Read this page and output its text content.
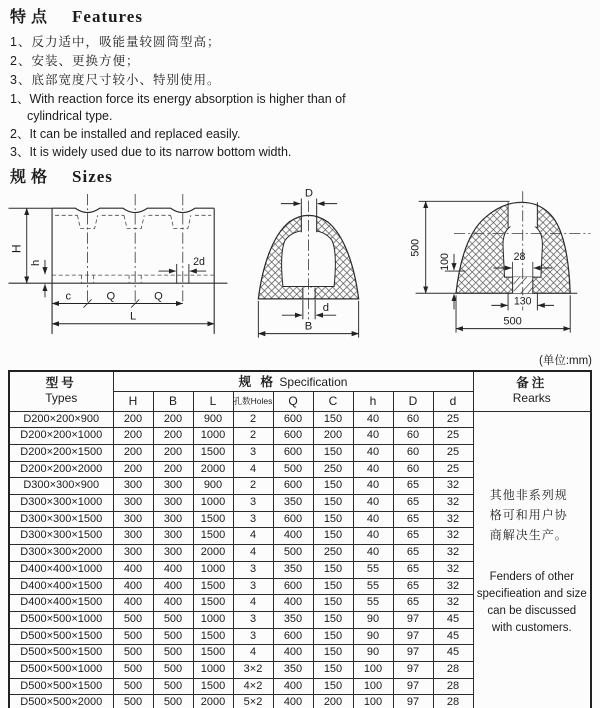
特点 Features
1、反力适中，吸能量较圆筒型高；
2、安装、更换方便；
3、底部宽度尺寸较小、特别使用。
1、With reaction force its energy absorption is higher than of cylindrical type.
2、It can be installed and replaced easily.
3、It is widely used due to its narrow bottom width.
规格 Sizes
H
h	2d
c	Q	Q
L
D
d
B
500
100	28
130
500
(单位:mm)
型号
Types	规 格 Specification									备注
Rearks
	H	B	L	孔数Holes	Q	C	h	D	d	
D200×200×900	200	200	900	2	600	150	40	60	25	其他非系列规格可和用户协商解决生产。
Fenders of other specifieation and size can be discussed with customers.

D200×200×1000	200	200	1000	2	600	200	40	60	25	
D200×200×1500	200	200	1500	3	600	150	40	60	25	
D200×200×2000	200	200	2000	4	500	250	40	60	25	
D300×300×900	300	300	900	2	600	150	40	65	32	
D300×300×1000	300	300	1000	3	350	150	40	65	32	
D300×300×1500	300	300	1500	3	600	150	40	65	32	
D300×300×1500	300	300	1500	4	400	150	40	65	32	
D300×300×2000	300	300	2000	4	500	250	40	65	32	
D400×400×1000	400	400	1000	3	350	150	55	65	32	
D400×400×1500	400	400	1500	3	600	150	55	65	32	
D400×400×1500	400	400	1500	4	400	150	55	65	32	
D500×500×1000	500	500	1000	3	350	150	90	97	45	
D500×500×1500	500	500	1500	3	600	150	90	97	45	
D500×500×1500	500	500	1500	4	400	150	90	97	45	
D500×500×1000	500	500	1000	3×2	350	150	100	97	28	
D500×500×1500	500	500	1500	4×2	400	150	100	97	28	
D500×500×2000	500	500	2000	5×2	400	200	100	97	28	
